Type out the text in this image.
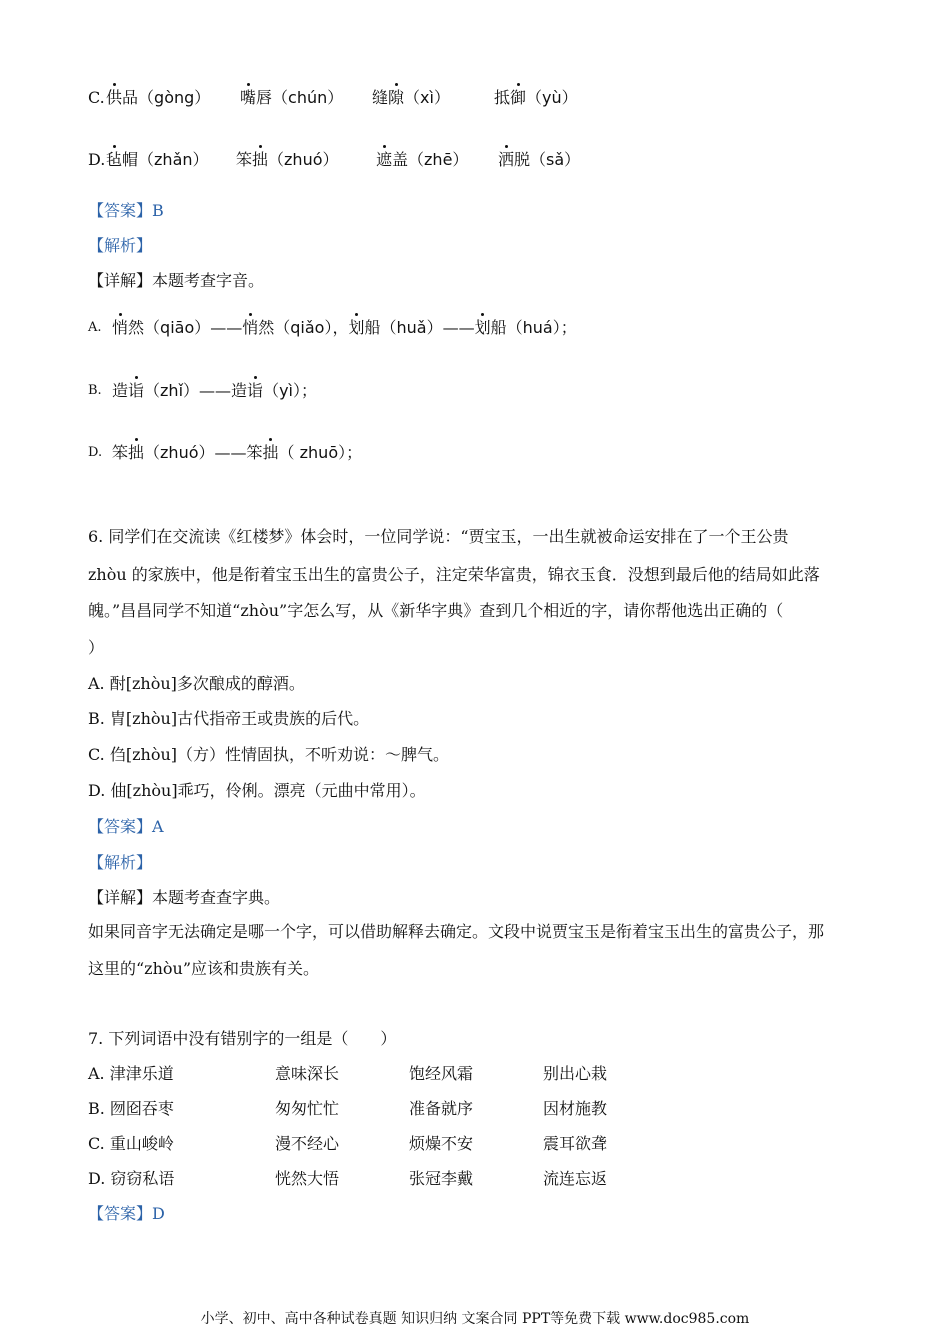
C. 供品（gòng） 嘴唇（chún） 缝隙（xì）	抵御（yù）
D. 毡帽（zhǎn） 笨拙（zhuó） 遮盖（zhē） 洒脱（sǎ）
【答案】B
【解析】
【详解】本题考查字音。
A. 悄然（qiāo）——悄然（qiǎo），划船（huǎ）——划船（huá）；
B. 造诣（zhǐ）——造诣（yì）；
D. 笨拙（zhuó）——笨拙（ zhuō）；
6. 同学们在交流读《红楼梦》体会时，一位同学说：“贾宝玉，一出生就被命运安排在了一个王公贵
zhòu 的家族中，他是衔着宝玉出生的富贵公子，注定荣华富贵，锦衣玉食．没想到最后他的结局如此落
魄。”昌昌同学不知道“zhòu”字怎么写，从《新华字典》查到几个相近的字，请你帮他选出正确的（
）
A. 酎[zhòu]多次酿成的醇酒。
B. 胄[zhòu]古代指帝王或贵族的后代。
C. 㑇[zhòu]（方）性情固执，不听劝说：～脾气。
D. 伷[zhòu]乖巧，伶俐。漂亮（元曲中常用）。
【答案】A
【解析】
【详解】本题考查查字典。
如果同音字无法确定是哪一个字，可以借助解释去确定。文段中说贾宝玉是衔着宝玉出生的富贵公子，那
这里的“zhòu”应该和贵族有关。
7. 下列词语中没有错别字的一组是（　　）
A. 津津乐道	意味深长	饱经风霜	别出心栽
B. 囫囵吞枣	匆匆忙忙	准备就序	因材施教
C. 重山峻岭	漫不经心	烦燥不安	震耳欲聋
D. 窃窃私语	恍然大悟	张冠李戴	流连忘返
【答案】D
小学、初中、高中各种试卷真题 知识归纳 文案合同 PPT等免费下载 www.doc985.com
